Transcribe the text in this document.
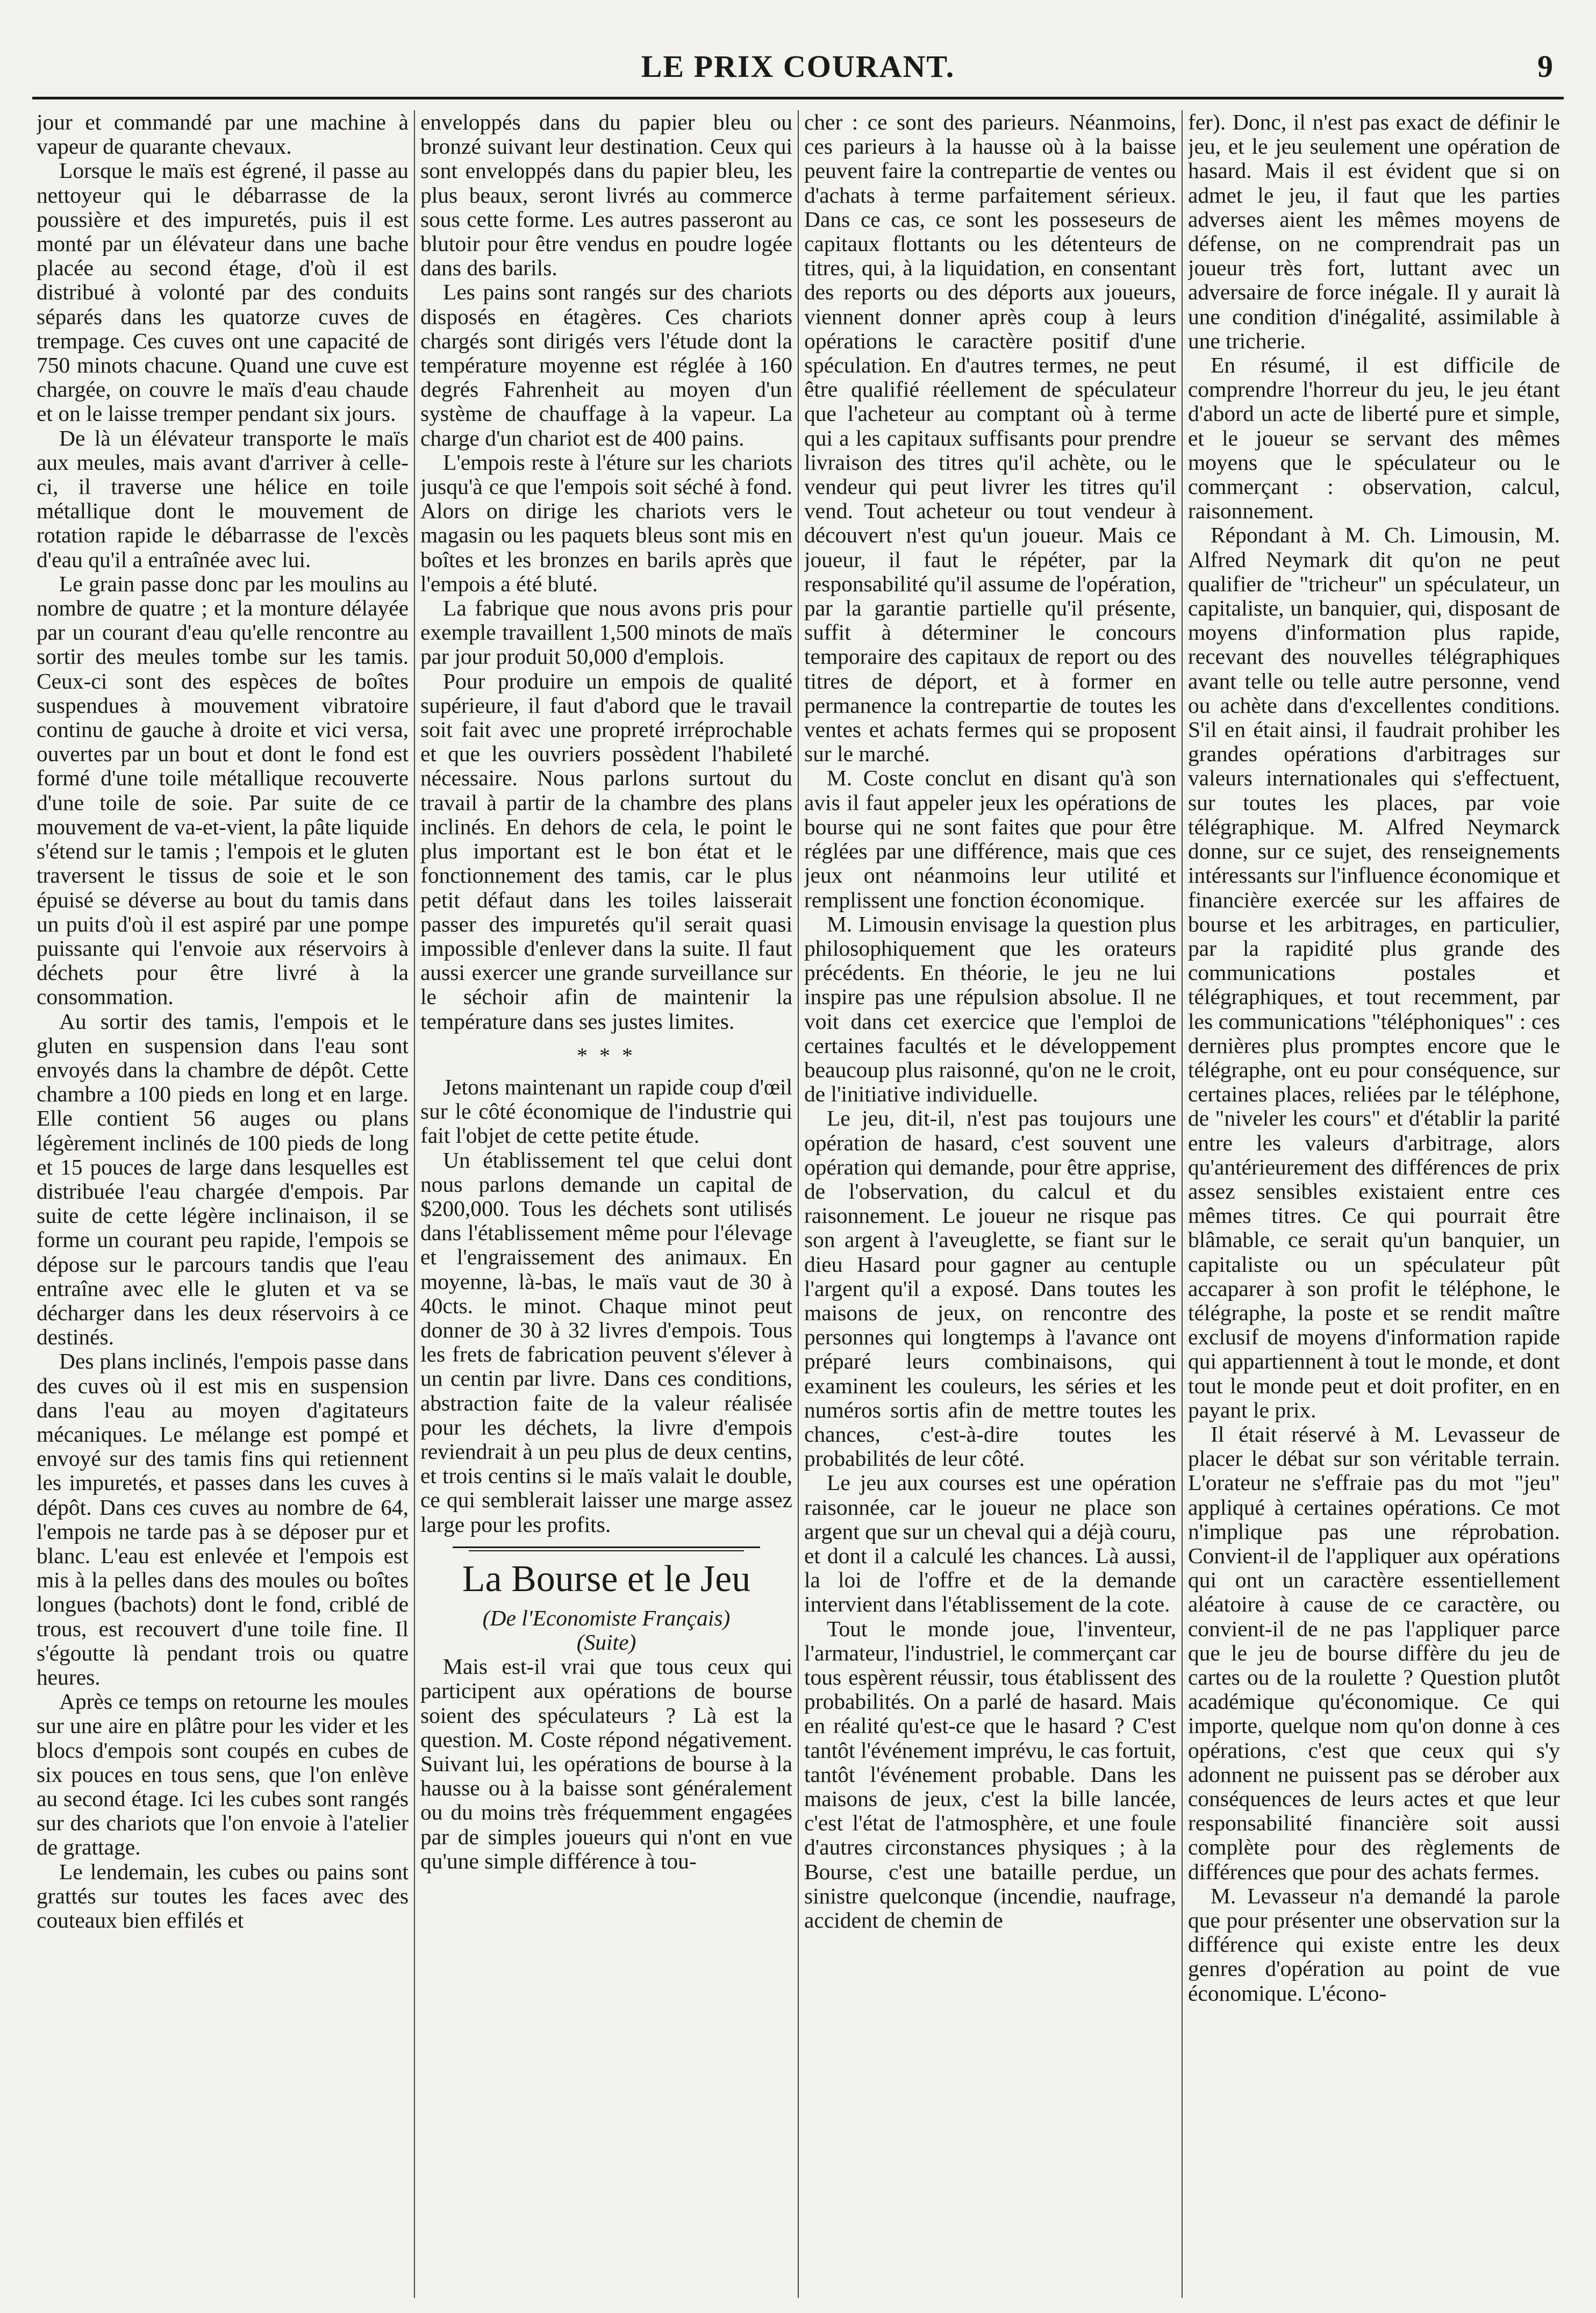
LE PRIX COURANT.	9

jour et commandé par une machine à vapeur de quarante chevaux.

Lorsque le maïs est égrené, il passe au nettoyeur qui le débarrasse de la poussière et des impuretés, puis il est monté par un élévateur dans une bache placée au second étage, d'où il est distribué à volonté par des conduits séparés dans les quatorze cuves de trempage. Ces cuves ont une capacité de 750 minots chacune. Quand une cuve est chargée, on couvre le maïs d'eau chaude et on le laisse tremper pendant six jours.

De là un élévateur transporte le maïs aux meules, mais avant d'arriver à celle-ci, il traverse une hélice en toile métallique dont le mouvement de rotation rapide le débarrasse de l'excès d'eau qu'il a entraînée avec lui.

Le grain passe donc par les moulins au nombre de quatre ; et la monture délayée par un courant d'eau qu'elle rencontre au sortir des meules tombe sur les tamis. Ceux-ci sont des espèces de boîtes suspendues à mouvement vibratoire continu de gauche à droite et vici versa, ouvertes par un bout et dont le fond est formé d'une toile métallique recouverte d'une toile de soie. Par suite de ce mouvement de va-et-vient, la pâte liquide s'étend sur le tamis ; l'empois et le gluten traversent le tissus de soie et le son épuisé se déverse au bout du tamis dans un puits d'où il est aspiré par une pompe puissante qui l'envoie aux réservoirs à déchets pour être livré à la consommation.

Au sortir des tamis, l'empois et le gluten en suspension dans l'eau sont envoyés dans la chambre de dépôt. Cette chambre a 100 pieds en long et en large. Elle contient 56 auges ou plans légèrement inclinés de 100 pieds de long et 15 pouces de large dans lesquelles est distribuée l'eau chargée d'empois. Par suite de cette légère inclinaison, il se forme un courant peu rapide, l'empois se dépose sur le parcours tandis que l'eau entraîne avec elle le gluten et va se décharger dans les deux réservoirs à ce destinés.

Des plans inclinés, l'empois passe dans des cuves où il est mis en suspension dans l'eau au moyen d'agitateurs mécaniques. Le mélange est pompé et envoyé sur des tamis fins qui retiennent les impuretés, et passes dans les cuves à dépôt. Dans ces cuves au nombre de 64, l'empois ne tarde pas à se déposer pur et blanc. L'eau est enlevée et l'empois est mis à la pelles dans des moules ou boîtes longues (bachots) dont le fond, criblé de trous, est recouvert d'une toile fine. Il s'égoutte là pendant trois ou quatre heures.

Après ce temps on retourne les moules sur une aire en plâtre pour les vider et les blocs d'empois sont coupés en cubes de six pouces en tous sens, que l'on enlève au second étage. Ici les cubes sont rangés sur des chariots que l'on envoie à l'atelier de grattage.

Le lendemain, les cubes ou pains sont grattés sur toutes les faces avec des couteaux bien effilés et

enveloppés dans du papier bleu ou bronzé suivant leur destination. Ceux qui sont enveloppés dans du papier bleu, les plus beaux, seront livrés au commerce sous cette forme. Les autres passeront au blutoir pour être vendus en poudre logée dans des barils.

Les pains sont rangés sur des chariots disposés en étagères. Ces chariots chargés sont dirigés vers l'étude dont la température moyenne est réglée à 160 degrés Fahrenheit au moyen d'un système de chauffage à la vapeur. La charge d'un chariot est de 400 pains.

L'empois reste à l'éture sur les chariots jusqu'à ce que l'empois soit séché à fond. Alors on dirige les chariots vers le magasin ou les paquets bleus sont mis en boîtes et les bronzes en barils après que l'empois a été bluté.

La fabrique que nous avons pris pour exemple travaillent 1,500 minots de maïs par jour produit 50,000 d'emplois.

Pour produire un empois de qualité supérieure, il faut d'abord que le travail soit fait avec une propreté irréprochable et que les ouvriers possèdent l'habileté nécessaire. Nous parlons surtout du travail à partir de la chambre des plans inclinés. En dehors de cela, le point le plus important est le bon état et le fonctionnement des tamis, car le plus petit défaut dans les toiles laisserait passer des impuretés qu'il serait quasi impossible d'enlever dans la suite. Il faut aussi exercer une grande surveillance sur le séchoir afin de maintenir la température dans ses justes limites.

* * *

Jetons maintenant un rapide coup d'œil sur le côté économique de l'industrie qui fait l'objet de cette petite étude.

Un établissement tel que celui dont nous parlons demande un capital de $200,000. Tous les déchets sont utilisés dans l'établissement même pour l'élevage et l'engraissement des animaux. En moyenne, là-bas, le maïs vaut de 30 à 40cts. le minot. Chaque minot peut donner de 30 à 32 livres d'empois. Tous les frets de fabrication peuvent s'élever à un centin par livre. Dans ces conditions, abstraction faite de la valeur réalisée pour les déchets, la livre d'empois reviendrait à un peu plus de deux centins, et trois centins si le maïs valait le double, ce qui semblerait laisser une marge assez large pour les profits.

La Bourse et le Jeu

(De l'Economiste Français)

(Suite)

Mais est-il vrai que tous ceux qui participent aux opérations de bourse soient des spéculateurs ? Là est la question. M. Coste répond négativement. Suivant lui, les opérations de bourse à la hausse ou à la baisse sont généralement ou du moins très fréquemment engagées par de simples joueurs qui n'ont en vue qu'une simple différence à tou-

cher : ce sont des parieurs. Néanmoins, ces parieurs à la hausse où à la baisse peuvent faire la contrepartie de ventes ou d'achats à terme parfaitement sérieux. Dans ce cas, ce sont les posseseurs de capitaux flottants ou les détenteurs de titres, qui, à la liquidation, en consentant des reports ou des déports aux joueurs, viennent donner après coup à leurs opérations le caractère positif d'une spéculation. En d'autres termes, ne peut être qualifié réellement de spéculateur que l'acheteur au comptant où à terme qui a les capitaux suffisants pour prendre livraison des titres qu'il achète, ou le vendeur qui peut livrer les titres qu'il vend. Tout acheteur ou tout vendeur à découvert n'est qu'un joueur. Mais ce joueur, il faut le répéter, par la responsabilité qu'il assume de l'opération, par la garantie partielle qu'il présente, suffit à déterminer le concours temporaire des capitaux de report ou des titres de déport, et à former en permanence la contrepartie de toutes les ventes et achats fermes qui se proposent sur le marché.

M. Coste conclut en disant qu'à son avis il faut appeler jeux les opérations de bourse qui ne sont faites que pour être réglées par une différence, mais que ces jeux ont néanmoins leur utilité et remplissent une fonction économique.

M. Limousin envisage la question plus philosophiquement que les orateurs précédents. En théorie, le jeu ne lui inspire pas une répulsion absolue. Il ne voit dans cet exercice que l'emploi de certaines facultés et le développement beaucoup plus raisonné, qu'on ne le croit, de l'initiative individuelle.

Le jeu, dit-il, n'est pas toujours une opération de hasard, c'est souvent une opération qui demande, pour être apprise, de l'observation, du calcul et du raisonnement. Le joueur ne risque pas son argent à l'aveuglette, se fiant sur le dieu Hasard pour gagner au centuple l'argent qu'il a exposé. Dans toutes les maisons de jeux, on rencontre des personnes qui longtemps à l'avance ont préparé leurs combinaisons, qui examinent les couleurs, les séries et les numéros sortis afin de mettre toutes les chances, c'est-à-dire toutes les probabilités de leur côté.

Le jeu aux courses est une opération raisonnée, car le joueur ne place son argent que sur un cheval qui a déjà couru, et dont il a calculé les chances. Là aussi, la loi de l'offre et de la demande intervient dans l'établissement de la cote.

Tout le monde joue, l'inventeur, l'armateur, l'industriel, le commerçant car tous espèrent réussir, tous établissent des probabilités. On a parlé de hasard. Mais en réalité qu'est-ce que le hasard ? C'est tantôt l'événement imprévu, le cas fortuit, tantôt l'événement probable. Dans les maisons de jeux, c'est la bille lancée, c'est l'état de l'atmosphère, et une foule d'autres circonstances physiques ; à la Bourse, c'est une bataille perdue, un sinistre quelconque (incendie, naufrage, accident de chemin de

fer). Donc, il n'est pas exact de définir le jeu, et le jeu seulement une opération de hasard. Mais il est évident que si on admet le jeu, il faut que les parties adverses aient les mêmes moyens de défense, on ne comprendrait pas un joueur très fort, luttant avec un adversaire de force inégale. Il y aurait là une condition d'inégalité, assimilable à une tricherie.

En résumé, il est difficile de comprendre l'horreur du jeu, le jeu étant d'abord un acte de liberté pure et simple, et le joueur se servant des mêmes moyens que le spéculateur ou le commerçant : observation, calcul, raisonnement.

Répondant à M. Ch. Limousin, M. Alfred Neymark dit qu'on ne peut qualifier de "tricheur" un spéculateur, un capitaliste, un banquier, qui, disposant de moyens d'information plus rapide, recevant des nouvelles télégraphiques avant telle ou telle autre personne, vend ou achète dans d'excellentes conditions. S'il en était ainsi, il faudrait prohiber les grandes opérations d'arbitrages sur valeurs internationales qui s'effectuent, sur toutes les places, par voie télégraphique. M. Alfred Neymarck donne, sur ce sujet, des renseignements intéressants sur l'influence économique et financière exercée sur les affaires de bourse et les arbitrages, en particulier, par la rapidité plus grande des communications postales et télégraphiques, et tout recemment, par les communications "téléphoniques" : ces dernières plus promptes encore que le télégraphe, ont eu pour conséquence, sur certaines places, reliées par le téléphone, de "niveler les cours" et d'établir la parité entre les valeurs d'arbitrage, alors qu'antérieurement des différences de prix assez sensibles existaient entre ces mêmes titres. Ce qui pourrait être blâmable, ce serait qu'un banquier, un capitaliste ou un spéculateur pût accaparer à son profit le téléphone, le télégraphe, la poste et se rendit maître exclusif de moyens d'information rapide qui appartiennent à tout le monde, et dont tout le monde peut et doit profiter, en en payant le prix.

Il était réservé à M. Levasseur de placer le débat sur son véritable terrain. L'orateur ne s'effraie pas du mot "jeu" appliqué à certaines opérations. Ce mot n'implique pas une réprobation. Convient-il de l'appliquer aux opérations qui ont un caractère essentiellement aléatoire à cause de ce caractère, ou convient-il de ne pas l'appliquer parce que le jeu de bourse diffère du jeu de cartes ou de la roulette ? Question plutôt académique qu'économique. Ce qui importe, quelque nom qu'on donne à ces opérations, c'est que ceux qui s'y adonnent ne puissent pas se dérober aux conséquences de leurs actes et que leur responsabilité financière soit aussi complète pour des règlements de différences que pour des achats fermes.

M. Levasseur n'a demandé la parole que pour présenter une observation sur la différence qui existe entre les deux genres d'opération au point de vue économique. L'écono-
